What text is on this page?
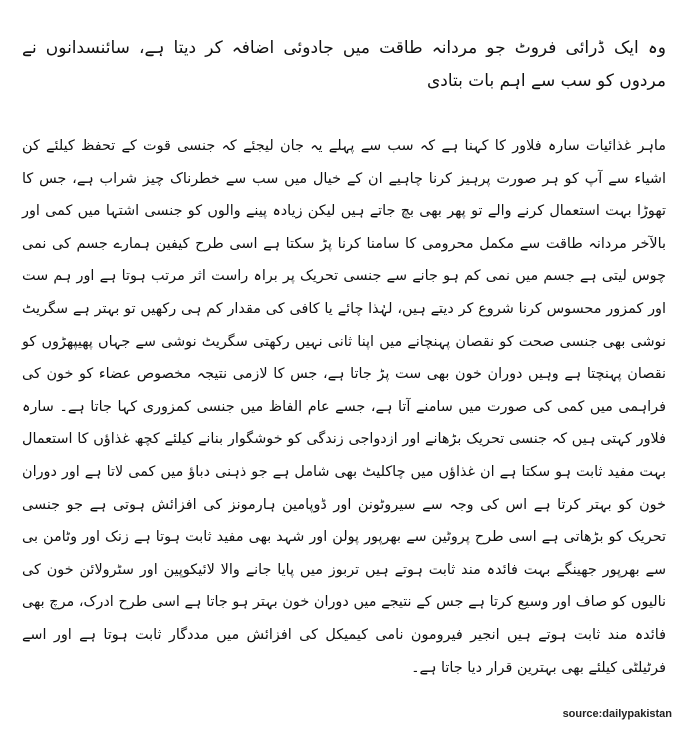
وہ ایک ڈرائی فروٹ جو مردانہ طاقت میں جادوئی اضافہ کر دیتا ہے، سائنسدانوں نے مردوں کو سب سے اہم بات بتادی

ماہر غذائیات سارہ فلاور کا کہنا ہے کہ سب سے پہلے یہ جان لیجئے کہ جنسی قوت کے تحفظ کیلئے کن اشیاء سے آپ کو ہر صورت پرہیز کرنا چاہیے ان کے خیال میں سب سے خطرناک چیز شراب ہے، جس کا تھوڑا بہت استعمال کرنے والے تو پھر بھی بچ جاتے ہیں لیکن زیادہ پینے والوں کو جنسی اشتہا میں کمی اور بالآخر مردانہ طاقت سے مکمل محرومی کا سامنا کرنا پڑ سکتا ہے اسی طرح کیفین ہمارے جسم کی نمی چوس لیتی ہے جسم میں نمی کم ہو جانے سے جنسی تحریک پر براہ راست اثر مرتب ہوتا ہے اور ہم ست اور کمزور محسوس کرنا شروع کر دیتے ہیں، لہٰذا چائے یا کافی کی مقدار کم ہی رکھیں تو بہتر ہے سگریٹ نوشی بھی جنسی صحت کو نقصان پہنچانے میں اپنا ثانی نہیں رکھتی سگریٹ نوشی سے جہاں پھیپھڑوں کو نقصان پہنچتا ہے وہیں دوران خون بھی ست پڑ جاتا ہے، جس کا لازمی نتیجہ مخصوص عضاء کو خون کی فراہمی میں کمی کی صورت میں سامنے آتا ہے، جسے عام الفاظ میں جنسی کمزوری کہا جاتا ہے۔ سارہ فلاور کہتی ہیں کہ جنسی تحریک بڑھانے اور ازدواجی زندگی کو خوشگوار بنانے کیلئے کچھ غذاؤں کا استعمال بہت مفید ثابت ہو سکتا ہے ان غذاؤں میں چاکلیٹ بھی شامل ہے جو ذہنی دباؤ میں کمی لاتا ہے اور دوران خون کو بہتر کرتا ہے اس کی وجہ سے سیروٹونن اور ڈوپامین ہارمونز کی افزائش ہوتی ہے جو جنسی تحریک کو بڑھاتی ہے اسی طرح پروٹین سے بھرپور پولن اور شہد بھی مفید ثابت ہوتا ہے زنک اور وٹامن بی سے بھرپور جھینگے بہت فائدہ مند ثابت ہوتے ہیں تربوز میں پایا جانے والا لائیکوپین اور سٹرولائن خون کی نالیوں کو صاف اور وسیع کرتا ہے جس کے نتیجے میں دوران خون بہتر ہو جاتا ہے اسی طرح ادرک، مرچ بھی فائدہ مند ثابت ہوتے ہیں انجیر فیرومون نامی کیمیکل کی افزائش میں مددگار ثابت ہوتا ہے اور اسے فرٹیلٹی کیلئے بھی بہترین قرار دیا جاتا ہے۔

source:dailypakistan
